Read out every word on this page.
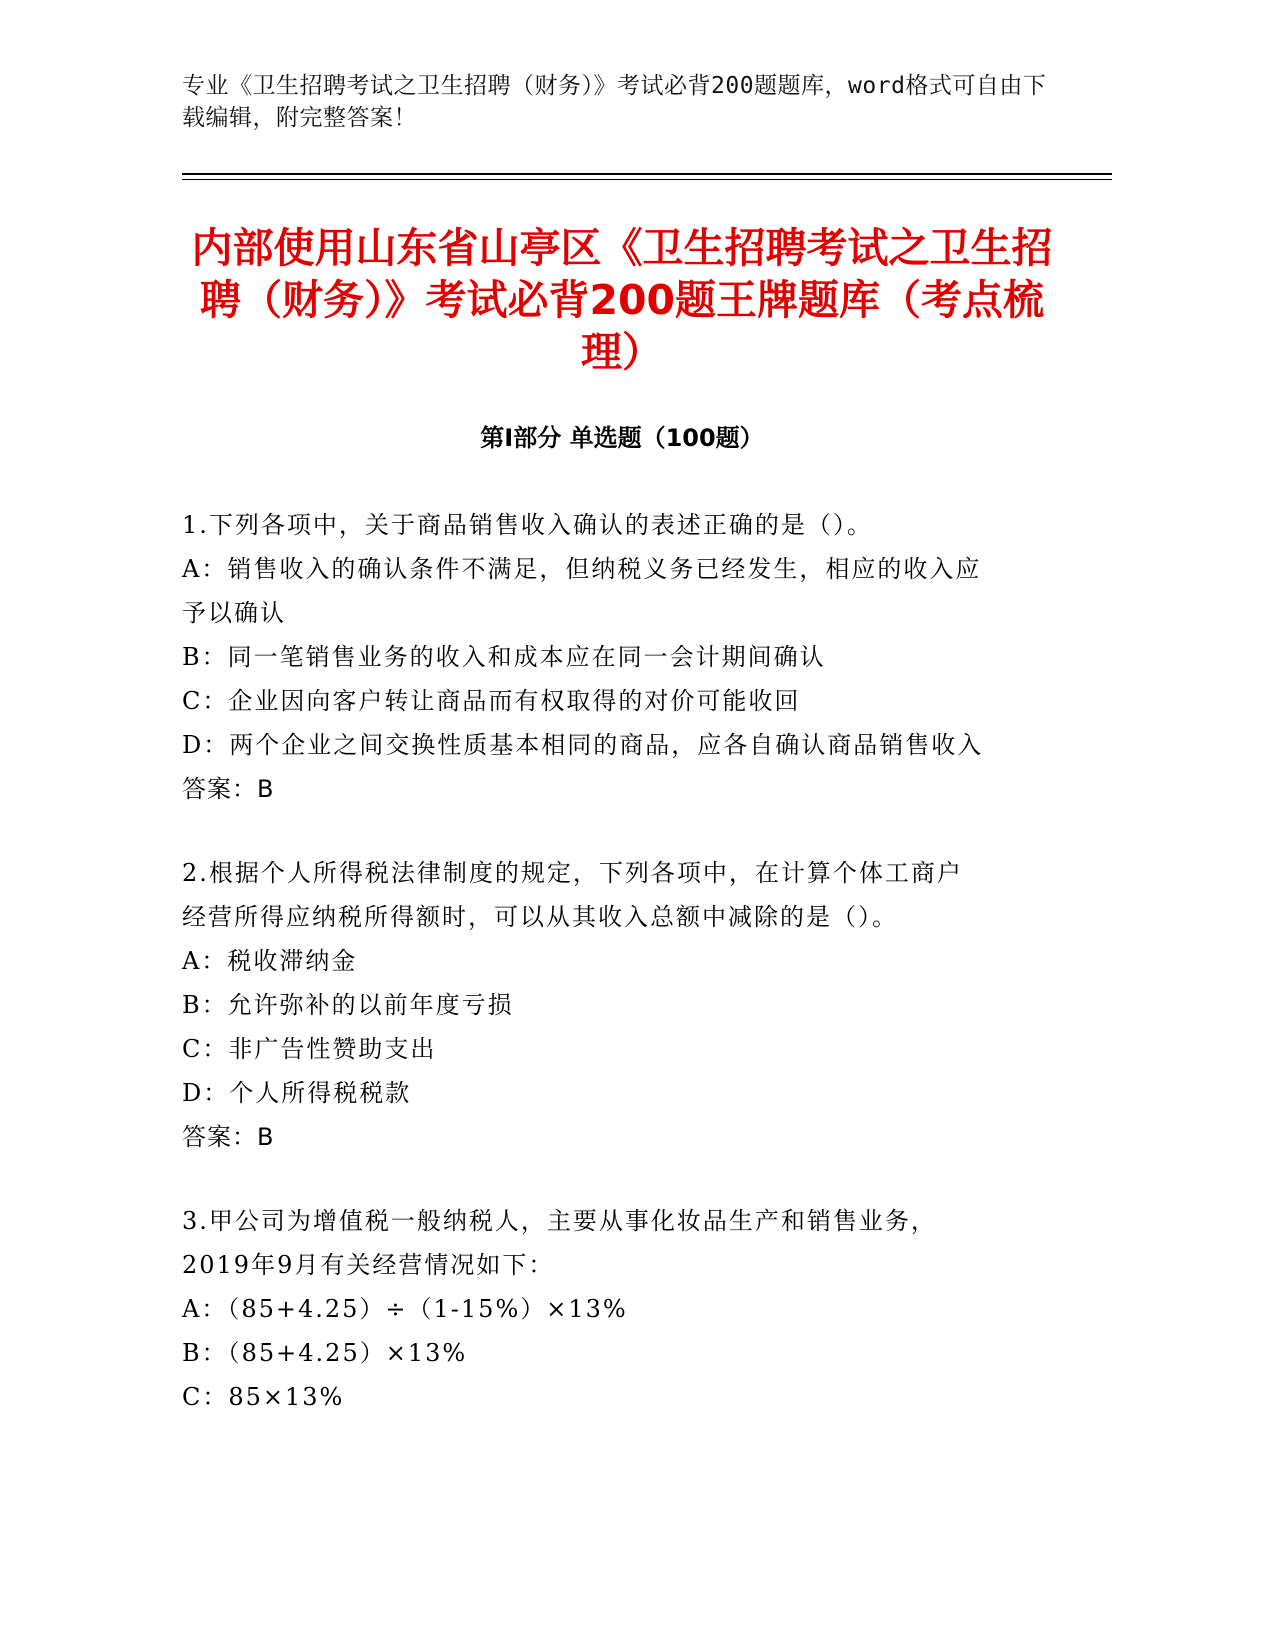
专业《卫生招聘考试之卫生招聘（财务）》考试必背200题题库，word格式可自由下载编辑，附完整答案！
内部使用山东省山亭区《卫生招聘考试之卫生招聘（财务）》考试必背200题王牌题库（考点梳理）
第Ⅰ部分 单选题（100题）
1.下列各项中，关于商品销售收入确认的表述正确的是（）。
A：销售收入的确认条件不满足，但纳税义务已经发生，相应的收入应
予以确认
B：同一笔销售业务的收入和成本应在同一会计期间确认
C：企业因向客户转让商品而有权取得的对价可能收回
D：两个企业之间交换性质基本相同的商品，应各自确认商品销售收入
答案：B
2.根据个人所得税法律制度的规定，下列各项中，在计算个体工商户
经营所得应纳税所得额时，可以从其收入总额中减除的是（）。
A：税收滞纳金
B：允许弥补的以前年度亏损
C：非广告性赞助支出
D：个人所得税税款
答案：B
3.甲公司为增值税一般纳税人，主要从事化妆品生产和销售业务，
2019年9月有关经营情况如下：
A：（85+4.25）÷（1-15%）×13%
B：（85+4.25）×13%
C：85×13%
